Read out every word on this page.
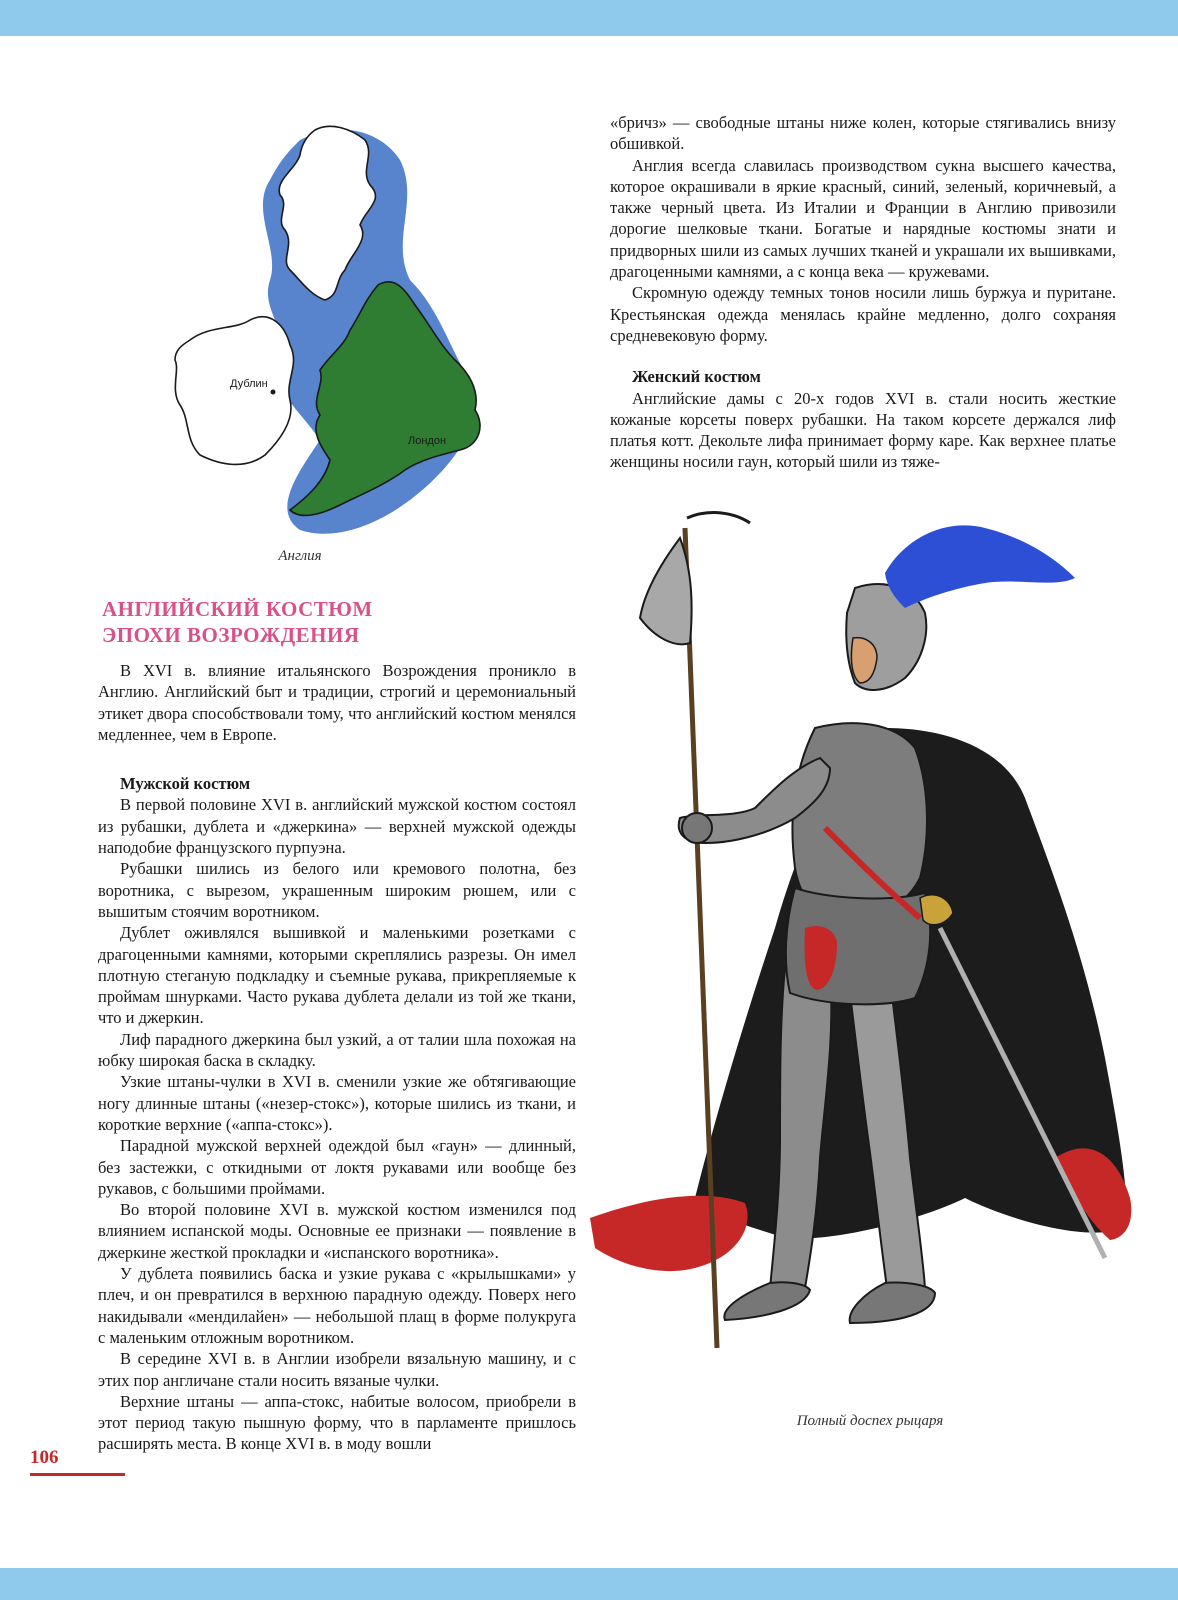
Дублин
Лондон
Англия
АНГЛИЙСКИЙ КОСТЮМ
ЭПОХИ ВОЗРОЖДЕНИЯ

В XVI в. влияние итальянского Возрождения проникло в Англию. Английский быт и традиции, строгий и церемониальный этикет двора способствовали тому, что английский костюм менялся медленнее, чем в Европе.

Мужской костюм

В первой половине XVI в. английский мужской костюм состоял из рубашки, дублета и «джеркина» — верхней мужской одежды наподобие французского пурпуэна.

Рубашки шились из белого или кремового полотна, без воротника, с вырезом, украшенным широким рюшем, или с вышитым стоячим воротником.

Дублет оживлялся вышивкой и маленькими розетками с драгоценными камнями, которыми скреплялись разрезы. Он имел плотную стеганую подкладку и съемные рукава, прикрепляемые к проймам шнурками. Часто рукава дублета делали из той же ткани, что и джеркин.

Лиф парадного джеркина был узкий, а от талии шла похожая на юбку широкая баска в складку.

Узкие штаны-чулки в XVI в. сменили узкие же обтягивающие ногу длинные штаны («незер-стокс»), которые шились из ткани, и короткие верхние («аппа-стокс»).

Парадной мужской верхней одеждой был «гаун» — длинный, без застежки, с откидными от локтя рукавами или вообще без рукавов, с большими проймами.

Во второй половине XVI в. мужской костюм изменился под влиянием испанской моды. Основные ее признаки — появление в джеркине жесткой прокладки и «испанского воротника».

У дублета появились баска и узкие рукава с «крылышками» у плеч, и он превратился в верхнюю парадную одежду. Поверх него накидывали «мендилайен» — небольшой плащ в форме полукруга с маленьким отложным воротником.

В середине XVI в. в Англии изобрели вязальную машину, и с этих пор англичане стали носить вязаные чулки.

Верхние штаны — аппа-стокс, набитые волосом, приобрели в этот период такую пышную форму, что в парламенте пришлось расширять места. В конце XVI в. в моду вошли

«бричз» — свободные штаны ниже колен, которые стягивались внизу обшивкой.

Англия всегда славилась производством сукна высшего качества, которое окрашивали в яркие красный, синий, зеленый, коричневый, а также черный цвета. Из Италии и Франции в Англию привозили дорогие шелковые ткани. Богатые и нарядные костюмы знати и придворных шили из самых лучших тканей и украшали их вышивками, драгоценными камнями, а с конца века — кружевами.

Скромную одежду темных тонов носили лишь буржуа и пуритане. Крестьянская одежда менялась крайне медленно, долго сохраняя средневековую форму.

Женский костюм

Английские дамы с 20-х годов XVI в. стали носить жесткие кожаные корсеты поверх рубашки. На таком корсете держался лиф платья котт. Декольте лифа принимает форму каре. Как верхнее платье женщины носили гаун, который шили из тяже-

Полный доспех рыцаря
106
